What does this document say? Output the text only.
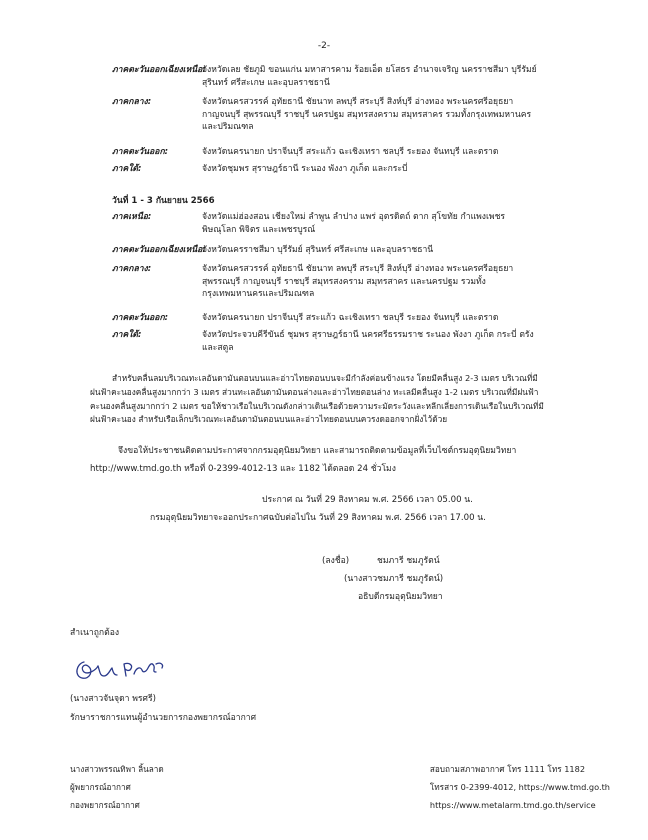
-2-
ภาคตะวันออกเฉียงเหนือ:
จังหวัดเลย ชัยภูมิ ขอนแก่น มหาสารคาม ร้อยเอ็ด ยโสธร อำนาจเจริญ นครราชสีมา บุรีรัมย์
สุรินทร์ ศรีสะเกษ และอุบลราชธานี
ภาคกลาง:	จังหวัดนครสวรรค์ อุทัยธานี ชัยนาท ลพบุรี สระบุรี สิงห์บุรี อ่างทอง พระนครศรีอยุธยา
กาญจนบุรี สุพรรณบุรี ราชบุรี นครปฐม สมุทรสงคราม สมุทรสาคร รวมทั้งกรุงเทพมหานคร
และปริมณฑล
ภาคตะวันออก:	จังหวัดนครนายก ปราจีนบุรี สระแก้ว ฉะเชิงเทรา ชลบุรี ระยอง จันทบุรี และตราด
ภาคใต้:	จังหวัดชุมพร สุราษฎร์ธานี ระนอง พังงา ภูเก็ต และกระบี่
วันที่ 1 - 3 กันยายน 2566
ภาคเหนือ:	จังหวัดแม่ฮ่องสอน เชียงใหม่ ลำพูน ลำปาง แพร่ อุตรดิตถ์ ตาก สุโขทัย กำแพงเพชร
พิษณุโลก พิจิตร และเพชรบูรณ์
ภาคตะวันออกเฉียงเหนือ:
จังหวัดนครราชสีมา บุรีรัมย์ สุรินทร์ ศรีสะเกษ และอุบลราชธานี
ภาคกลาง:	จังหวัดนครสวรรค์ อุทัยธานี ชัยนาท ลพบุรี สระบุรี สิงห์บุรี อ่างทอง พระนครศรีอยุธยา
สุพรรณบุรี กาญจนบุรี ราชบุรี สมุทรสงคราม สมุทรสาคร และนครปฐม รวมทั้ง
กรุงเทพมหานครและปริมณฑล
ภาคตะวันออก:	จังหวัดนครนายก ปราจีนบุรี สระแก้ว ฉะเชิงเทรา ชลบุรี ระยอง จันทบุรี และตราด
ภาคใต้:	จังหวัดประจวบคีรีขันธ์ ชุมพร สุราษฎร์ธานี นครศรีธรรมราช ระนอง พังงา ภูเก็ต กระบี่ ตรัง
และสตูล
สำหรับคลื่นลมบริเวณทะเลอันดามันตอนบนและอ่าวไทยตอนบนจะมีกำลังค่อนข้างแรง โดยมีคลื่นสูง 2-3 เมตร บริเวณที่มี
ฝนฟ้าคะนองคลื่นสูงมากกว่า 3 เมตร ส่วนทะเลอันดามันตอนล่างและอ่าวไทยตอนล่าง ทะเลมีคลื่นสูง 1-2 เมตร บริเวณที่มีฝนฟ้า
คะนองคลื่นสูงมากกว่า 2 เมตร ขอให้ชาวเรือในบริเวณดังกล่าวเดินเรือด้วยความระมัดระวังและหลีกเลี่ยงการเดินเรือในบริเวณที่มี
ฝนฟ้าคะนอง สำหรับเรือเล็กบริเวณทะเลอันดามันตอนบนและอ่าวไทยตอนบนควรงดออกจากฝั่งไว้ด้วย
จึงขอให้ประชาชนติดตามประกาศจากกรมอุตุนิยมวิทยา และสามารถติดตามข้อมูลที่เว็บไซต์กรมอุตุนิยมวิทยา
http://www.tmd.go.th หรือที่ 0-2399-4012-13 และ 1182 ได้ตลอด 24 ชั่วโมง
ประกาศ ณ วันที่ 29 สิงหาคม พ.ศ. 2566 เวลา 05.00 น.
กรมอุตุนิยมวิทยาจะออกประกาศฉบับต่อไปใน วันที่ 29 สิงหาคม พ.ศ. 2566 เวลา 17.00 น.
(ลงชื่อ)	ชมภารี ชมภูรัตน์
(นางสาวชมภารี ชมภูรัตน์)
อธิบดีกรมอุตุนิยมวิทยา
สำเนาถูกต้อง
(นางสาวจันจุดา พรศรี)
รักษาราชการแทนผู้อำนวยการกองพยากรณ์อากาศ
นางสาวพรรณทิพา ลิ้นลาด
ผู้พยากรณ์อากาศ
กองพยากรณ์อากาศ
สอบถามสภาพอากาศ โทร 1111 โทร 1182
โทรสาร 0-2399-4012, https://www.tmd.go.th
https://www.metalarm.tmd.go.th/service
